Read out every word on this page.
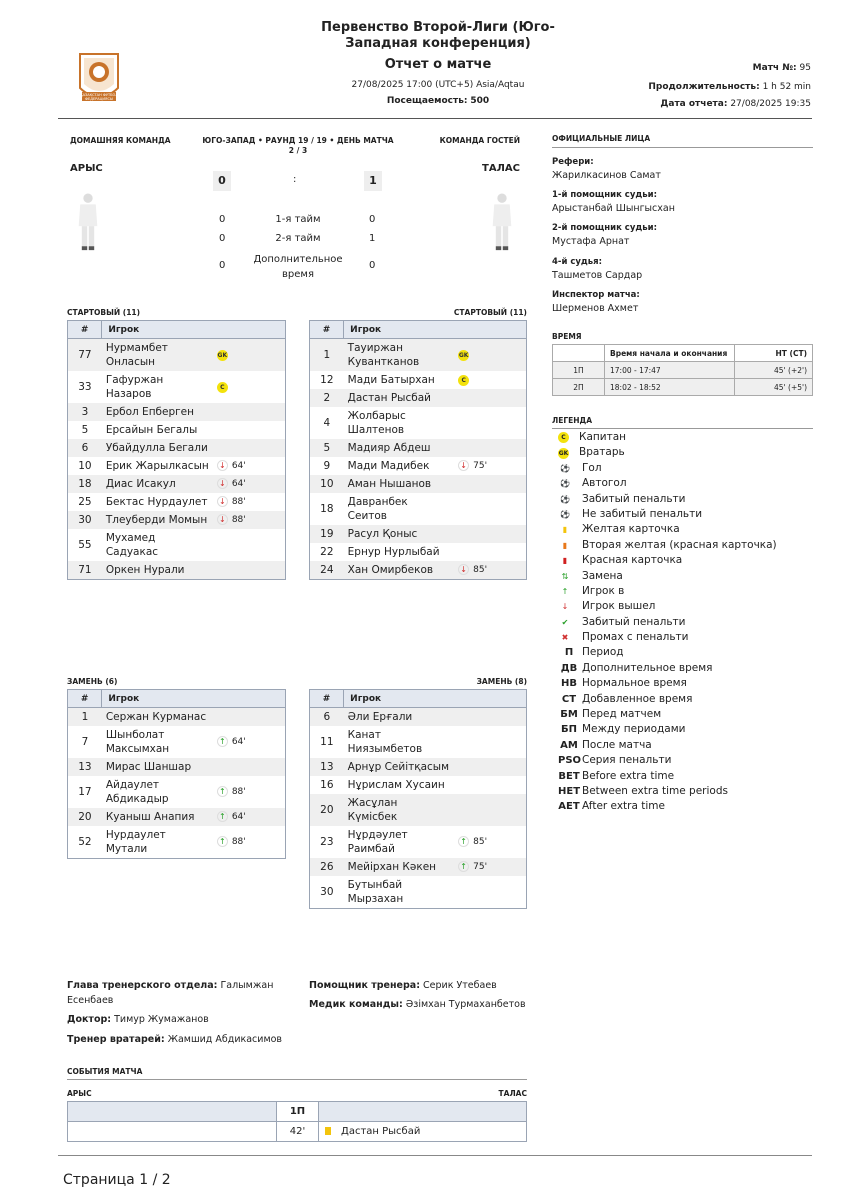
ҚАЗАҚСТАН ФУТБОЛ ФЕДЕРАЦИЯСЫ
Первенство Второй-Лиги (Юго-Западная конференция)
Отчет о матче
27/08/2025 17:00 (UTC+5) Asia/Aqtau
Посещаемость: 500
Матч №: 95
Продолжительность: 1 h 52 min
Дата отчета: 27/08/2025 19:35
ДОМАШНЯЯ КОМАНДА	ЮГО-ЗАПАД • РАУНД 19 / 19 • ДЕНЬ МАТЧА 2 / 3
КОМАНДА ГОСТЕЙ
АРЫС	ТАЛАС
0	:	1
0	1-я тайм	0
0	2-я тайм	1
0
Дополнительное время
0
СТАРТОВЫЙ (11)	СТАРТОВЫЙ (11)
ЗАМЕНЬ (6)	ЗАМЕНЬ (8)
#	Игрок	
77	Нурмамбет Онласын	GK
33	Гафуржан Назаров	C
3	Ербол Епберген	
5	Ерсайын Бегалы	
6	Убайдулла Бегали	
10	Ерик Жарылкасын	↓ 64'
18	Диас Исакул	↓ 64'
25	Бектас Нурдаулет	↓ 88'
30	Тлеуберди Момын	↓ 88'
55	Мухамед Садуакас	
71	Оркен Нурали	
#	Игрок	
1	Тауиржан Кувантканов	GK
12	Мади Батырхан	C
2	Дастан Рысбай	
4	Жолбарыс Шалтенов	
5	Мадияр Абдеш	
9	Мади Мадибек	↓ 75'
10	Аман Нышанов	
18	Давранбек Сеитов	
19	Расул Қоныс	
22	Ернур Нурлыбай	
24	Хан Омирбеков	↓ 85'
#	Игрок	
1	Сержан Курманас	
7	Шынболат Максымхан	↑ 64'
13	Мирас Шаншар	
17	Айдаулет Абдикадыр	↑ 88'
20	Куаныш Анапия	↑ 64'
52	Нурдаулет Мутали	↑ 88'
#	Игрок	
6	Әли Ерғали	
11	Канат Ниязымбетов	
13	Арнұр Сейітқасым	
16	Нұрислам Хусаин	
20	Жасұлан Күмісбек	
23	Нұрдәулет Раимбай	↑ 85'
26	Мейірхан Кәкен	↑ 75'
30	Бутынбай Мырзахан	
ОФИЦИАЛЬНЫЕ ЛИЦА
Рефери:
Жарилкасинов Самат
1-й помощник судьи:
Арыстанбай Шынгысхан
2-й помощник судьи:
Мустафа Арнат
4-й судья:
Ташметов Сардар
Инспектор матча:
Шерменов Ахмет
ВРЕМЯ
	Время начала и окончания	HT (CT)
1П	17:00 - 17:47	45' (+2')
2П	18:02 - 18:52	45' (+5')
ЛЕГЕНДА
C	Капитан
GK Вратарь
⚽ Гол
⚽ Автогол
⚽ Забитый пенальти
⚽ Не забитый пенальти
▮	Желтая карточка
▮	Вторая желтая (красная карточка)
▮	Красная карточка
⇅	Замена
↑	Игрок в
↓	Игрок вышел
✔	Забитый пенальти
✖	Промах с пенальти
П Период
ДВ Дополнительное время
НВ Нормальное время
СТ Добавленное время
БМ Перед матчем
БП Между периодами
АМ После матча
PSO Серия пенальти
BET Before extra time
HET Between extra time periods
AET After extra time
Глава тренерского отдела: Галымжан Есенбаев
Доктор: Тимур Жумажанов
Тренер вратарей: Жамшид Абдикасимов
Помощник тренера: Серик Утебаев
Медик команды: Әзімхан Турмаханбетов
СОБЫТИЯ МАТЧА
АРЫС	ТАЛАС
	1П	
	42'	Дастан Рысбай
Страница 1 / 2
